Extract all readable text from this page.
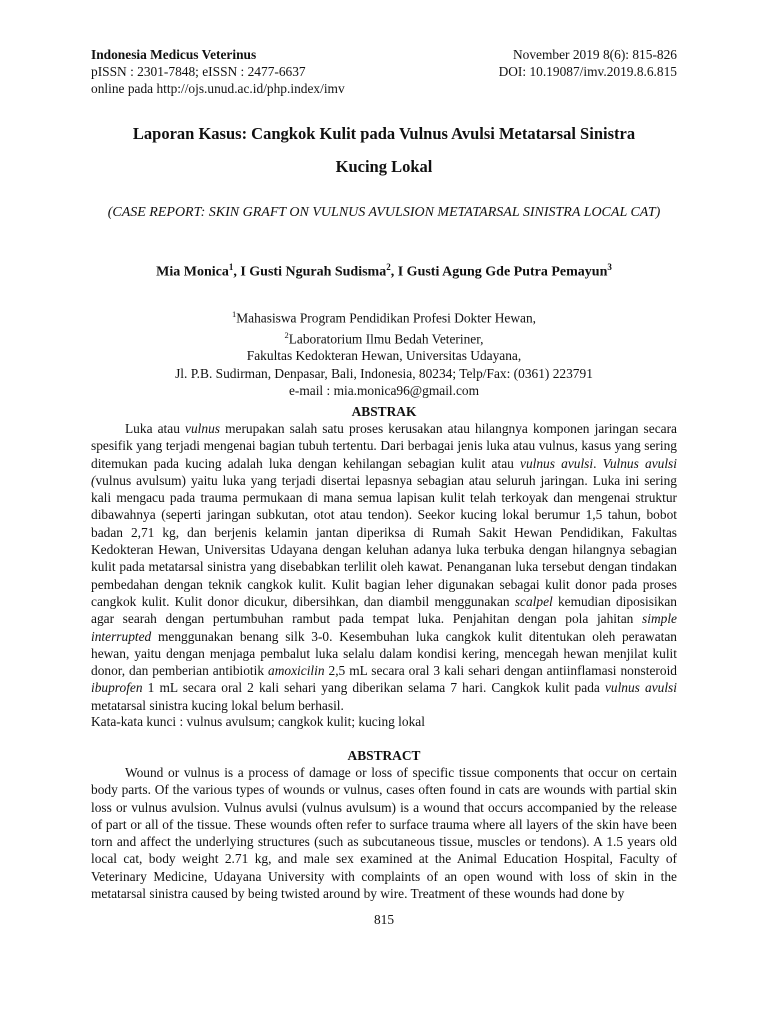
Indonesia Medicus Veterinus
pISSN : 2301-7848; eISSN : 2477-6637
online pada http://ojs.unud.ac.id/php.index/imv
November 2019 8(6): 815-826
DOI: 10.19087/imv.2019.8.6.815
Laporan Kasus: Cangkok Kulit pada Vulnus Avulsi Metatarsal Sinistra
Kucing Lokal
(CASE REPORT: SKIN GRAFT ON VULNUS AVULSION METATARSAL SINISTRA LOCAL CAT)
Mia Monica$^1$, I Gusti Ngurah Sudisma$^2$, I Gusti Agung Gde Putra Pemayun$^3$
$^1$Mahasiswa Program Pendidikan Profesi Dokter Hewan,
$^2$Laboratorium Ilmu Bedah Veteriner,
Fakultas Kedokteran Hewan, Universitas Udayana,
Jl. P.B. Sudirman, Denpasar, Bali, Indonesia, 80234; Telp/Fax: (0361) 223791
e-mail : mia.monica96@gmail.com
ABSTRAK
Luka atau vulnus merupakan salah satu proses kerusakan atau hilangnya komponen jaringan secara spesifik yang terjadi mengenai bagian tubuh tertentu. Dari berbagai jenis luka atau vulnus, kasus yang sering ditemukan pada kucing adalah luka dengan kehilangan sebagian kulit atau vulnus avulsi. Vulnus avulsi (vulnus avulsum) yaitu luka yang terjadi disertai lepasnya sebagian atau seluruh jaringan. Luka ini sering kali mengacu pada trauma permukaan di mana semua lapisan kulit telah terkoyak dan mengenai struktur dibawahnya (seperti jaringan subkutan, otot atau tendon). Seekor kucing lokal berumur 1,5 tahun, bobot badan 2,71 kg, dan berjenis kelamin jantan diperiksa di Rumah Sakit Hewan Pendidikan, Fakultas Kedokteran Hewan, Universitas Udayana dengan keluhan adanya luka terbuka dengan hilangnya sebagian kulit pada metatarsal sinistra yang disebabkan terlilit oleh kawat. Penanganan luka tersebut dengan tindakan pembedahan dengan teknik cangkok kulit. Kulit bagian leher digunakan sebagai kulit donor pada proses cangkok kulit. Kulit donor dicukur, dibersihkan, dan diambil menggunakan scalpel kemudian diposisikan agar searah dengan pertumbuhan rambut pada tempat luka. Penjahitan dengan pola jahitan simple interrupted menggunakan benang silk 3-0. Kesembuhan luka cangkok kulit ditentukan oleh perawatan hewan, yaitu dengan menjaga pembalut luka selalu dalam kondisi kering, mencegah hewan menjilat kulit donor, dan pemberian antibiotik amoxicilin 2,5 mL secara oral 3 kali sehari dengan antiinflamasi nonsteroid ibuprofen 1 mL secara oral 2 kali sehari yang diberikan selama 7 hari. Cangkok kulit pada vulnus avulsi metatarsal sinistra kucing lokal belum berhasil.
Kata-kata kunci : vulnus avulsum; cangkok kulit; kucing lokal
ABSTRACT
Wound or vulnus is a process of damage or loss of specific tissue components that occur on certain body parts. Of the various types of wounds or vulnus, cases often found in cats are wounds with partial skin loss or vulnus avulsion. Vulnus avulsi (vulnus avulsum) is a wound that occurs accompanied by the release of part or all of the tissue. These wounds often refer to surface trauma where all layers of the skin have been torn and affect the underlying structures (such as subcutaneous tissue, muscles or tendons). A 1.5 years old local cat, body weight 2.71 kg, and male sex examined at the Animal Education Hospital, Faculty of Veterinary Medicine, Udayana University with complaints of an open wound with loss of skin in the metatarsal sinistra caused by being twisted around by wire. Treatment of these wounds had done by
815
